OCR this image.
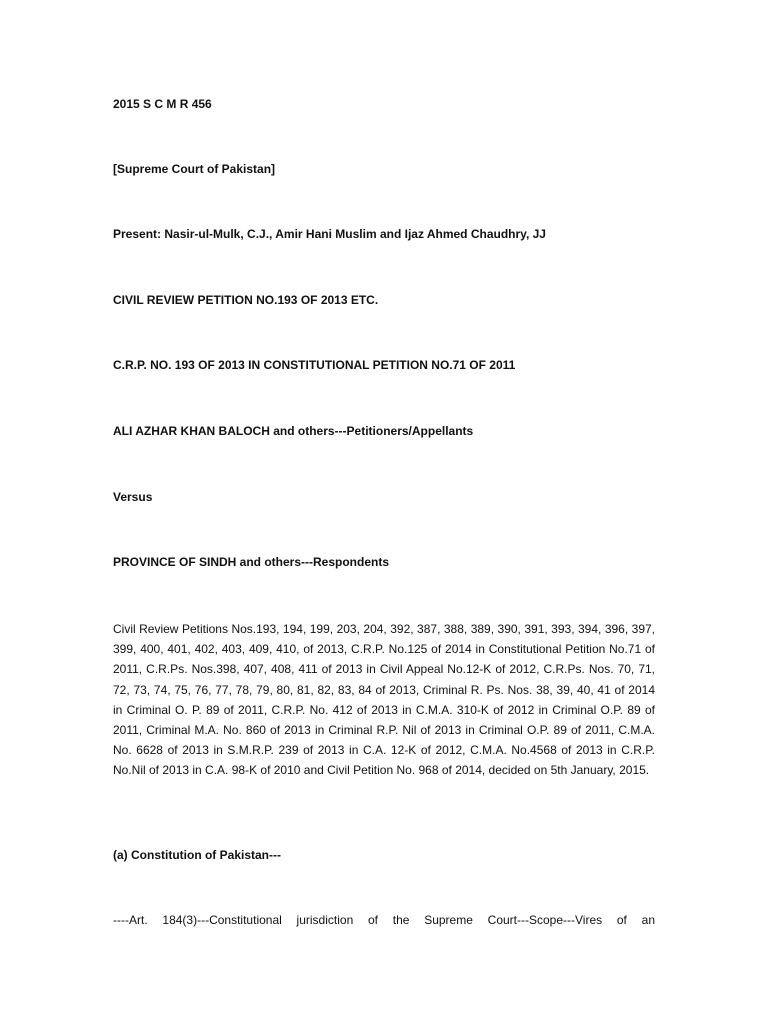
2015 S C M R 456
[Supreme Court of Pakistan]
Present: Nasir-ul-Mulk, C.J., Amir Hani Muslim and Ijaz Ahmed Chaudhry, JJ
CIVIL REVIEW PETITION NO.193 OF 2013 ETC.
C.R.P. NO. 193 OF 2013 IN CONSTITUTIONAL PETITION NO.71 OF 2011
ALI AZHAR KHAN BALOCH and others---Petitioners/Appellants
Versus
PROVINCE OF SINDH and others---Respondents
Civil Review Petitions Nos.193, 194, 199, 203, 204, 392, 387, 388, 389, 390, 391, 393, 394, 396, 397, 399, 400, 401, 402, 403, 409, 410, of 2013, C.R.P. No.125 of 2014 in Constitutional Petition No.71 of 2011, C.R.Ps. Nos.398, 407, 408, 411 of 2013 in Civil Appeal No.12-K of 2012, C.R.Ps. Nos. 70, 71, 72, 73, 74, 75, 76, 77, 78, 79, 80, 81, 82, 83, 84 of 2013, Criminal R. Ps. Nos. 38, 39, 40, 41 of 2014 in Criminal O. P. 89 of 2011, C.R.P. No. 412 of 2013 in C.M.A. 310-K of 2012 in Criminal O.P. 89 of 2011, Criminal M.A. No. 860 of 2013 in Criminal R.P. Nil of 2013 in Criminal O.P. 89 of 2011, C.M.A. No. 6628 of 2013 in S.M.R.P. 239 of 2013 in C.A. 12-K of 2012, C.M.A. No.4568 of 2013 in C.R.P. No.Nil of 2013 in C.A. 98-K of 2010 and Civil Petition No. 968 of 2014, decided on 5th January, 2015.
(a) Constitution of Pakistan---
----Art. 184(3)---Constitutional jurisdiction of the Supreme Court---Scope---Vires of an
